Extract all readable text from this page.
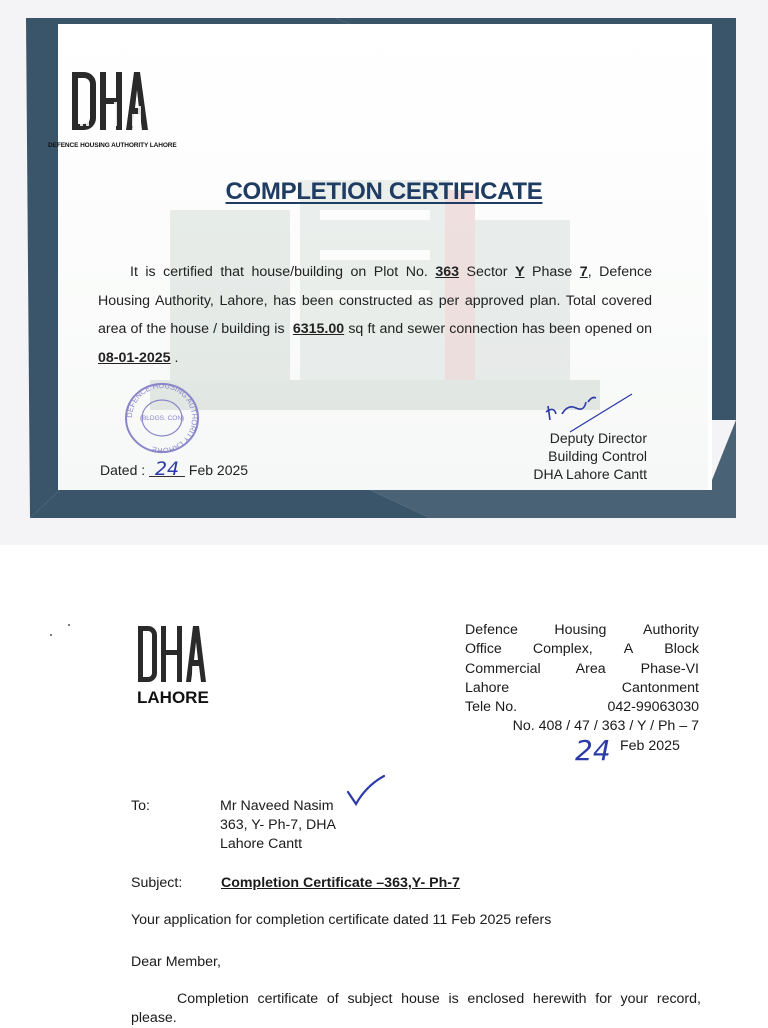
DEFENCE HOUSING AUTHORITY LAHORE
COMPLETION CERTIFICATE
It is certified that house/building on Plot No. 363 Sector Y Phase 7, Defence Housing Authority, Lahore, has been constructed as per approved plan. Total covered area of the house / building is 6315.00 sq ft and sewer connection has been opened on 08-01-2025 .
DEFENCE HOUSING AUTHORITY LAHORE
(BLDGS. CON)
Deputy Director
Building Control
DHA Lahore Cantt
Dated : 24 Feb 2025
LAHORE
Defence	Housing	Authority
Office Complex, A Block
Commercial Area Phase-VI
Lahore	Cantonment
Tele No.	042-99063030
No. 408 / 47 / 363 / Y / Ph – 7
24 Feb 2025
To:	Mr Naveed Nasim
363, Y- Ph-7, DHA
Lahore Cantt
Subject:	Completion Certificate –363,Y- Ph-7
Your application for completion certificate dated 11 Feb 2025 refers
Dear Member,
Completion certificate of subject house is enclosed herewith for your record, please.
